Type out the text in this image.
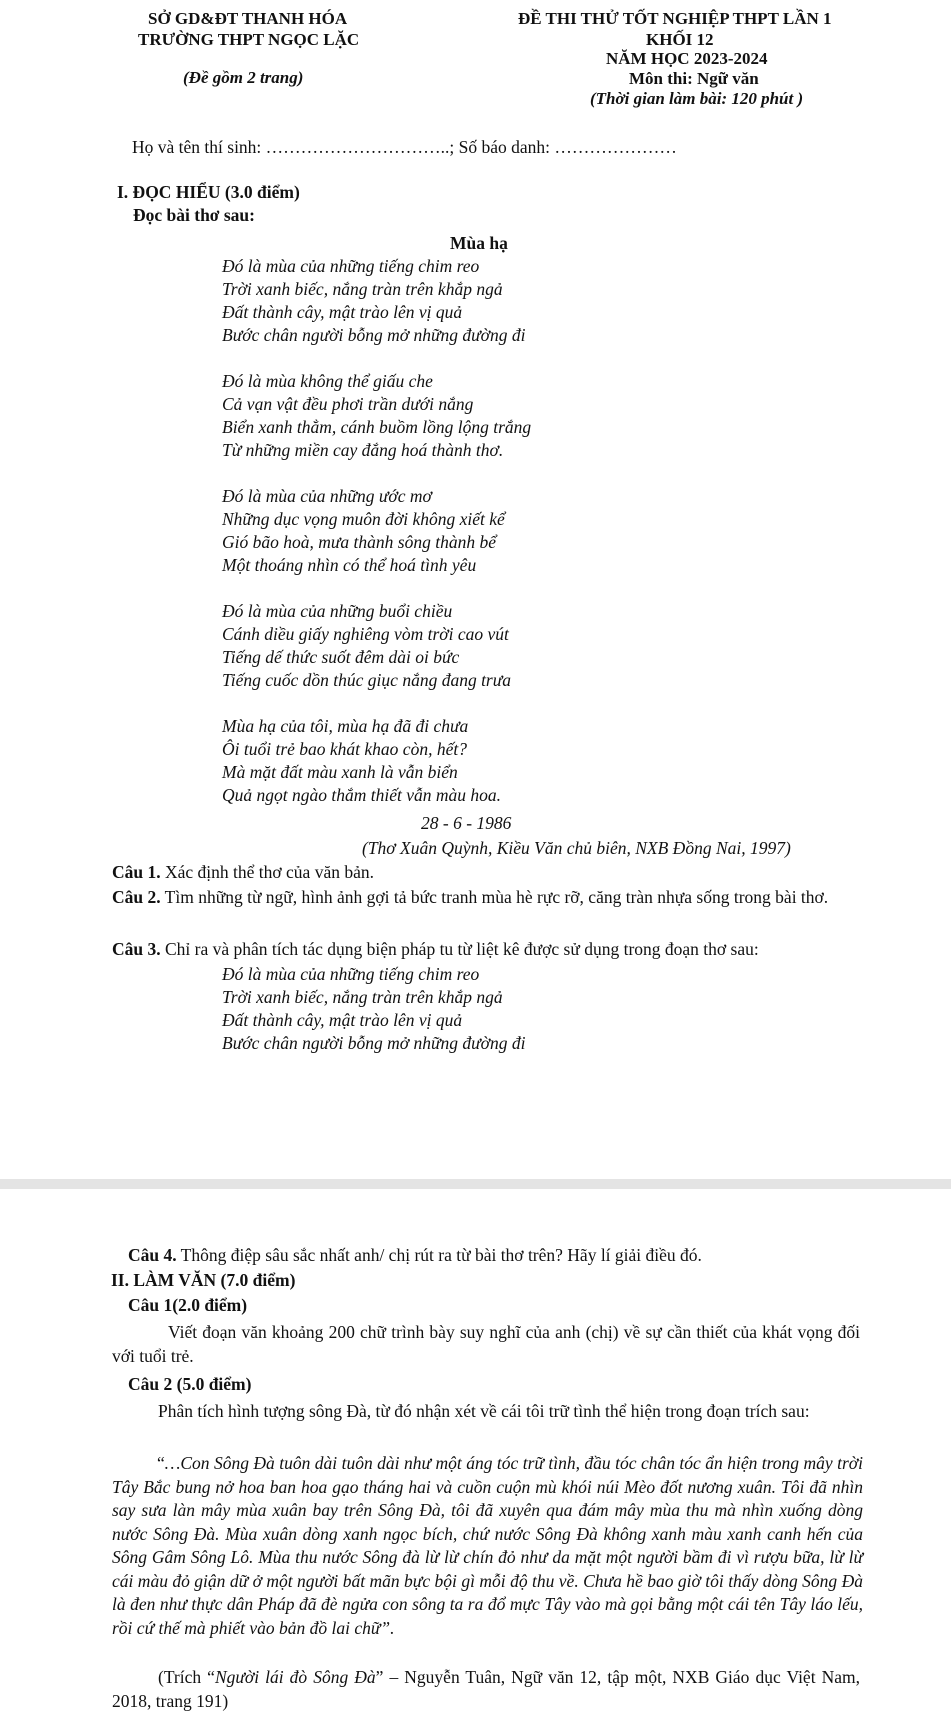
SỞ GD&ĐT THANH HÓA
TRƯỜNG THPT NGỌC LẶC
(Đề gồm 2 trang)
ĐỀ THI THỬ TỐT NGHIỆP THPT LẦN 1
KHỐI 12
NĂM HỌC 2023-2024
Môn thi: Ngữ văn
(Thời gian làm bài: 120 phút )
Họ và tên thí sinh: …………………………..; Số báo danh: …………………
I. ĐỌC HIỂU (3.0 điểm)
Đọc bài thơ sau:
Mùa hạ
Đó là mùa của những tiếng chim reo
Trời xanh biếc, nắng tràn trên khắp ngả
Đất thành cây, mật trào lên vị quả
Bước chân người bỗng mở những đường đi
Đó là mùa không thể giấu che
Cả vạn vật đều phơi trần dưới nắng
Biển xanh thẳm, cánh buồm lồng lộng trắng
Từ những miền cay đắng hoá thành thơ.
Đó là mùa của những ước mơ
Những dục vọng muôn đời không xiết kể
Gió bão hoà, mưa thành sông thành bể
Một thoáng nhìn có thể hoá tình yêu
Đó là mùa của những buổi chiều
Cánh diều giấy nghiêng vòm trời cao vút
Tiếng dế thức suốt đêm dài oi bức
Tiếng cuốc dồn thúc giục nắng đang trưa
Mùa hạ của tôi, mùa hạ đã đi chưa
Ôi tuổi trẻ bao khát khao còn, hết?
Mà mặt đất màu xanh là vẫn biển
Quả ngọt ngào thắm thiết vẫn màu hoa.
28 - 6 - 1986
(Thơ Xuân Quỳnh, Kiều Văn chủ biên, NXB Đồng Nai, 1997)
Câu 1. Xác định thể thơ của văn bản.
Câu 2. Tìm những từ ngữ, hình ảnh gợi tả bức tranh mùa hè rực rỡ, căng tràn nhựa sống trong bài thơ.
Câu 3. Chỉ ra và phân tích tác dụng biện pháp tu từ liệt kê được sử dụng trong đoạn thơ sau:
Đó là mùa của những tiếng chim reo
Trời xanh biếc, nắng tràn trên khắp ngả
Đất thành cây, mật trào lên vị quả
Bước chân người bỗng mở những đường đi
Câu 4. Thông điệp sâu sắc nhất anh/ chị rút ra từ bài thơ trên? Hãy lí giải điều đó.
II. LÀM VĂN (7.0 điểm)
Câu 1(2.0 điểm)
Viết đoạn văn khoảng 200 chữ trình bày suy nghĩ của anh (chị) về sự cần thiết của khát vọng đối với tuổi trẻ.
Câu 2 (5.0 điểm)
Phân tích hình tượng sông Đà, từ đó nhận xét về cái tôi trữ tình thể hiện trong đoạn trích sau:
“…Con Sông Đà tuôn dài tuôn dài như một áng tóc trữ tình, đầu tóc chân tóc ẩn hiện trong mây trời Tây Bắc bung nở hoa ban hoa gạo tháng hai và cuồn cuộn mù khói núi Mèo đốt nương xuân. Tôi đã nhìn say sưa làn mây mùa xuân bay trên Sông Đà, tôi đã xuyên qua đám mây mùa thu mà nhìn xuống dòng nước Sông Đà. Mùa xuân dòng xanh ngọc bích, chứ nước Sông Đà không xanh màu xanh canh hến của Sông Gâm Sông Lô. Mùa thu nước Sông đà lừ lừ chín đỏ như da mặt một người bầm đi vì rượu bữa, lừ lừ cái màu đỏ giận dữ ở một người bất mãn bực bội gì mỗi độ thu về. Chưa hề bao giờ tôi thấy dòng Sông Đà là đen như thực dân Pháp đã đè ngửa con sông ta ra đổ mực Tây vào mà gọi bằng một cái tên Tây láo lếu, rồi cứ thế mà phiết vào bản đồ lai chữ”.
(Trích “Người lái đò Sông Đà” – Nguyễn Tuân, Ngữ văn 12, tập một, NXB Giáo dục Việt Nam, 2018, trang 191)
